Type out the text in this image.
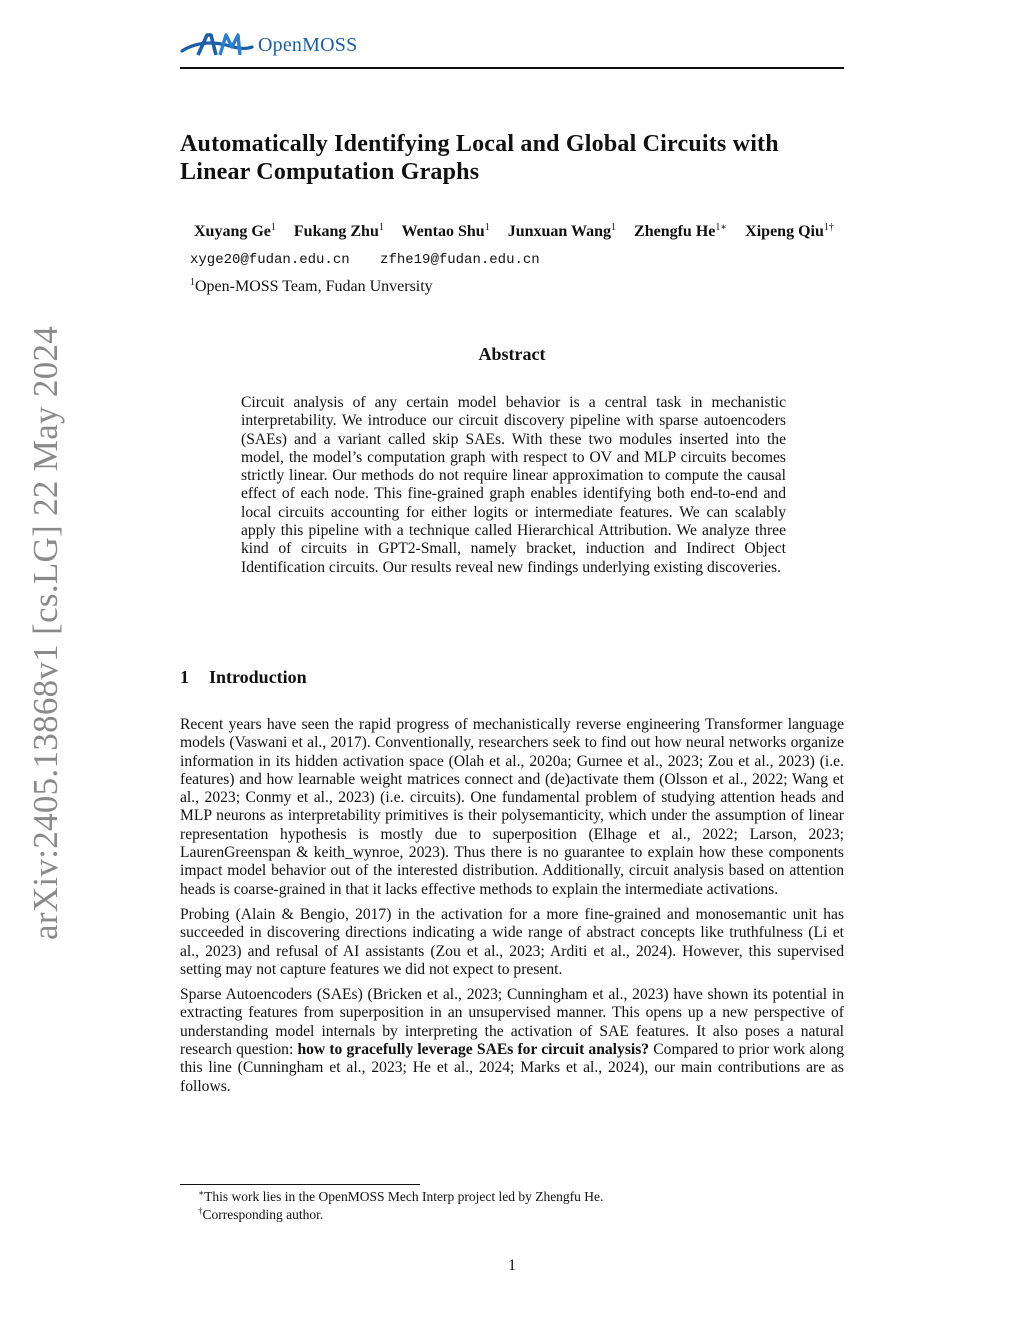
OpenMOSS
arXiv:2405.13868v1 [cs.LG] 22 May 2024
Automatically Identifying Local and Global Circuits with Linear Computation Graphs
Xuyang Ge$^1$ Fukang Zhu$^1$ Wentao Shu$^1$ Junxuan Wang$^1$ Zhengfu $He^{1∗}$ Xipeng Qiu$^{1\dagger}$
xyge20@fudan.edu.cn zfhe19@fudan.edu.cn
$^1$Open-MOSS Team, Fudan Unversity
Abstract

Circuit analysis of any certain model behavior is a central task in mechanistic interpretability. We introduce our circuit discovery pipeline with sparse autoencoders (SAEs) and a variant called skip SAEs. With these two modules inserted into the model, the model’s computation graph with respect to OV and MLP circuits becomes strictly linear. Our methods do not require linear approximation to compute the causal effect of each node. This fine-grained graph enables identifying both end-to-end and local circuits accounting for either logits or intermediate features. We can scalably apply this pipeline with a technique called Hierarchical Attribution. We analyze three kind of circuits in GPT2-Small, namely bracket, induction and Indirect Object Identification circuits. Our results reveal new findings underlying existing discoveries.

1 Introduction

Recent years have seen the rapid progress of mechanistically reverse engineering Transformer language models (Vaswani et al., 2017). Conventionally, researchers seek to find out how neural networks organize information in its hidden activation space (Olah et al., 2020a; Gurnee et al., 2023; Zou et al., 2023) (i.e. features) and how learnable weight matrices connect and (de)activate them (Olsson et al., 2022; Wang et al., 2023; Conmy et al., 2023) (i.e. circuits). One fundamental problem of studying attention heads and MLP neurons as interpretability primitives is their polysemanticity, which under the assumption of linear representation hypothesis is mostly due to superposition (Elhage et al., 2022; Larson, 2023; LaurenGreenspan & keith_wynroe, 2023). Thus there is no guarantee to explain how these components impact model behavior out of the interested distribution. Additionally, circuit analysis based on attention heads is coarse-grained in that it lacks effective methods to explain the intermediate activations.

Probing (Alain & Bengio, 2017) in the activation for a more fine-grained and monosemantic unit has succeeded in discovering directions indicating a wide range of abstract concepts like truthfulness (Li et al., 2023) and refusal of AI assistants (Zou et al., 2023; Arditi et al., 2024). However, this supervised setting may not capture features we did not expect to present.

Sparse Autoencoders (SAEs) (Bricken et al., 2023; Cunningham et al., 2023) have shown its potential in extracting features from superposition in an unsupervised manner. This opens up a new perspective of understanding model internals by interpreting the activation of SAE features. It also poses a natural research question: how to gracefully leverage SAEs for circuit analysis? Compared to prior work along this line (Cunningham et al., 2023; He et al., 2024; Marks et al., 2024), our main contributions are as follows.

∗This work lies in the OpenMOSS Mech Interp project led by Zhengfu He.
†Corresponding author.
1
